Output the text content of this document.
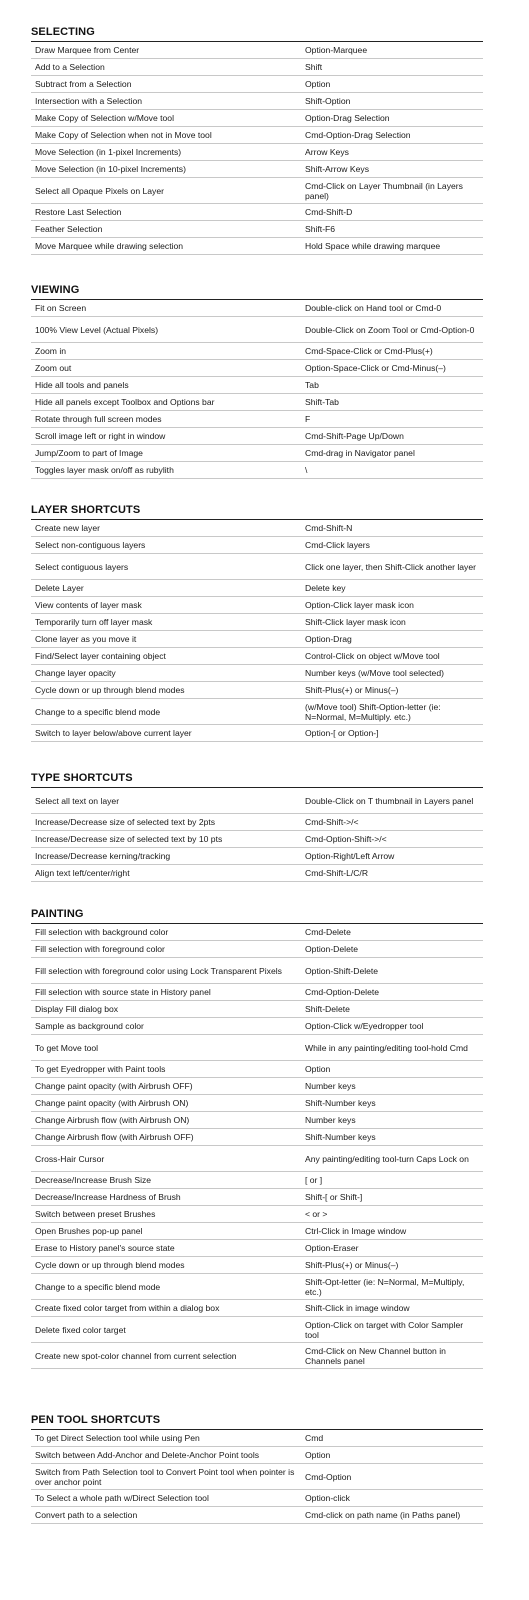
SELECTING
Draw Marquee from Center	Option-Marquee
Add to a Selection	Shift
Subtract from a Selection	Option
Intersection with a Selection	Shift-Option
Make Copy of Selection w/Move tool	Option-Drag Selection
Make Copy of Selection when not in Move tool	Cmd-Option-Drag Selection
Move Selection (in 1-pixel Increments)	Arrow Keys
Move Selection (in 10-pixel Increments)	Shift-Arrow Keys
Select all Opaque Pixels on Layer	Cmd-Click on Layer Thumbnail (in Layers panel)
Restore Last Selection	Cmd-Shift-D
Feather Selection	Shift-F6
Move Marquee while drawing selection	Hold Space while drawing marquee
VIEWING
Fit on Screen	Double-click on Hand tool or Cmd-0
100% View Level (Actual Pixels)	Double-Click on Zoom Tool or Cmd-Option-0
Zoom in	Cmd-Space-Click or Cmd-Plus(+)
Zoom out	Option-Space-Click or Cmd-Minus(–)
Hide all tools and panels	Tab
Hide all panels except Toolbox and Options bar	Shift-Tab
Rotate through full screen modes	F
Scroll image left or right in window	Cmd-Shift-Page Up/Down
Jump/Zoom to part of Image	Cmd-drag in Navigator panel
Toggles layer mask on/off as rubylith	\
LAYER SHORTCUTS
Create new layer	Cmd-Shift-N
Select non-contiguous layers	Cmd-Click layers
Select contiguous layers	Click one layer, then Shift-Click another layer
Delete Layer	Delete key
View contents of layer mask	Option-Click layer mask icon
Temporarily turn off layer mask	Shift-Click layer mask icon
Clone layer as you move it	Option-Drag
Find/Select layer containing object	Control-Click on object w/Move tool
Change layer opacity	Number keys (w/Move tool selected)
Cycle down or up through blend modes	Shift-Plus(+) or Minus(–)
Change to a specific blend mode	(w/Move tool) Shift-Option-letter (ie: N=Normal, M=Multiply. etc.)
Switch to layer below/above current layer	Option-[ or Option-]
TYPE SHORTCUTS
Select all text on layer	Double-Click on T thumbnail in Layers panel
Increase/Decrease size of selected text by 2pts	Cmd-Shift->/<
Increase/Decrease size of selected text by 10 pts	Cmd-Option-Shift->/<
Increase/Decrease kerning/tracking	Option-Right/Left Arrow
Align text left/center/right	Cmd-Shift-L/C/R
PAINTING
Fill selection with background color	Cmd-Delete
Fill selection with foreground color	Option-Delete
Fill selection with foreground color using Lock Transparent Pixels	Option-Shift-Delete
Fill selection with source state in History panel	Cmd-Option-Delete
Display Fill dialog box	Shift-Delete
Sample as background color	Option-Click w/Eyedropper tool
To get Move tool	While in any painting/editing tool-hold Cmd
To get Eyedropper with Paint tools	Option
Change paint opacity (with Airbrush OFF)	Number keys
Change paint opacity (with Airbrush ON)	Shift-Number keys
Change Airbrush flow (with Airbrush ON)	Number keys
Change Airbrush flow (with Airbrush OFF)	Shift-Number keys
Cross-Hair Cursor	Any painting/editing tool-turn Caps Lock on
Decrease/Increase Brush Size	[ or ]
Decrease/Increase Hardness of Brush	Shift-[ or Shift-]
Switch between preset Brushes	< or >
Open Brushes pop-up panel	Ctrl-Click in Image window
Erase to History panel's source state	Option-Eraser
Cycle down or up through blend modes	Shift-Plus(+) or Minus(–)
Change to a specific blend mode	Shift-Opt-letter (ie: N=Normal, M=Multiply, etc.)
Create fixed color target from within a dialog box	Shift-Click in image window
Delete fixed color target	Option-Click on target with Color Sampler tool
Create new spot-color channel from current selection	Cmd-Click on New Channel button in Channels panel
PEN TOOL SHORTCUTS
To get Direct Selection tool while using Pen	Cmd
Switch between Add-Anchor and Delete-Anchor Point tools	Option
Switch from Path Selection tool to Convert Point tool when pointer is over anchor point	Cmd-Option
To Select a whole path w/Direct Selection tool	Option-click
Convert path to a selection	Cmd-click on path name (in Paths panel)
